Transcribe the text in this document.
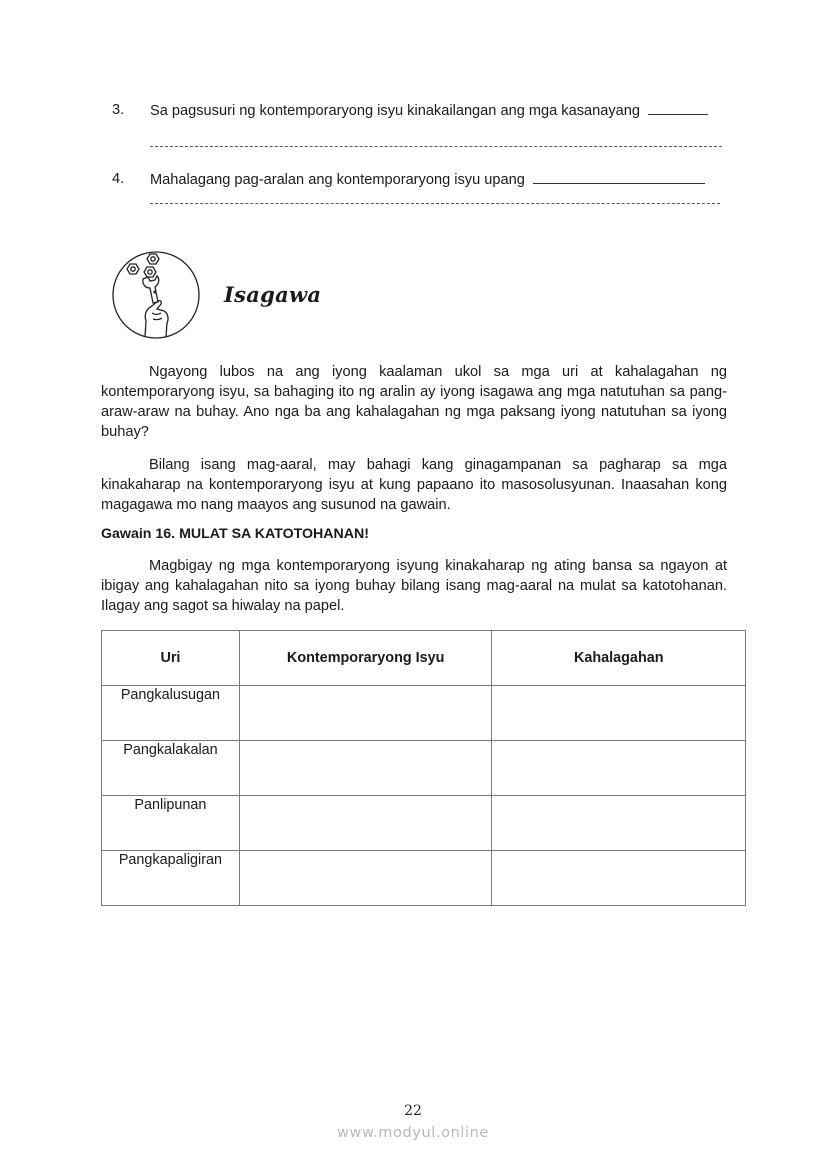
3. Sa pagsusuri ng kontemporaryong isyu kinakailangan ang mga kasanayang
4. Mahalagang pag-aralan ang kontemporaryong isyu upang
Isagawa
Ngayong lubos na ang iyong kaalaman ukol sa mga uri at kahalagahan ng kontemporaryong isyu, sa bahaging ito ng aralin ay iyong isagawa ang mga natutuhan sa pang-araw-araw na buhay. Ano nga ba ang kahalagahan ng mga paksang iyong natutuhan sa iyong buhay?
Bilang isang mag-aaral, may bahagi kang ginagampanan sa pagharap sa mga kinakaharap na kontemporaryong isyu at kung papaano ito masosolusyunan. Inaasahan kong magagawa mo nang maayos ang susunod na gawain.
Gawain 16. MULAT SA KATOTOHANAN!
Magbigay ng mga kontemporaryong isyung kinakaharap ng ating bansa sa ngayon at ibigay ang kahalagahan nito sa iyong buhay bilang isang mag-aaral na mulat sa katotohanan. Ilagay ang sagot sa hiwalay na papel.
Uri	Kontemporaryong Isyu	Kahalagahan
Pangkalusugan		
Pangkalakalan		
Panlipunan		
Pangkapaligiran		
22
www.modyul.online
